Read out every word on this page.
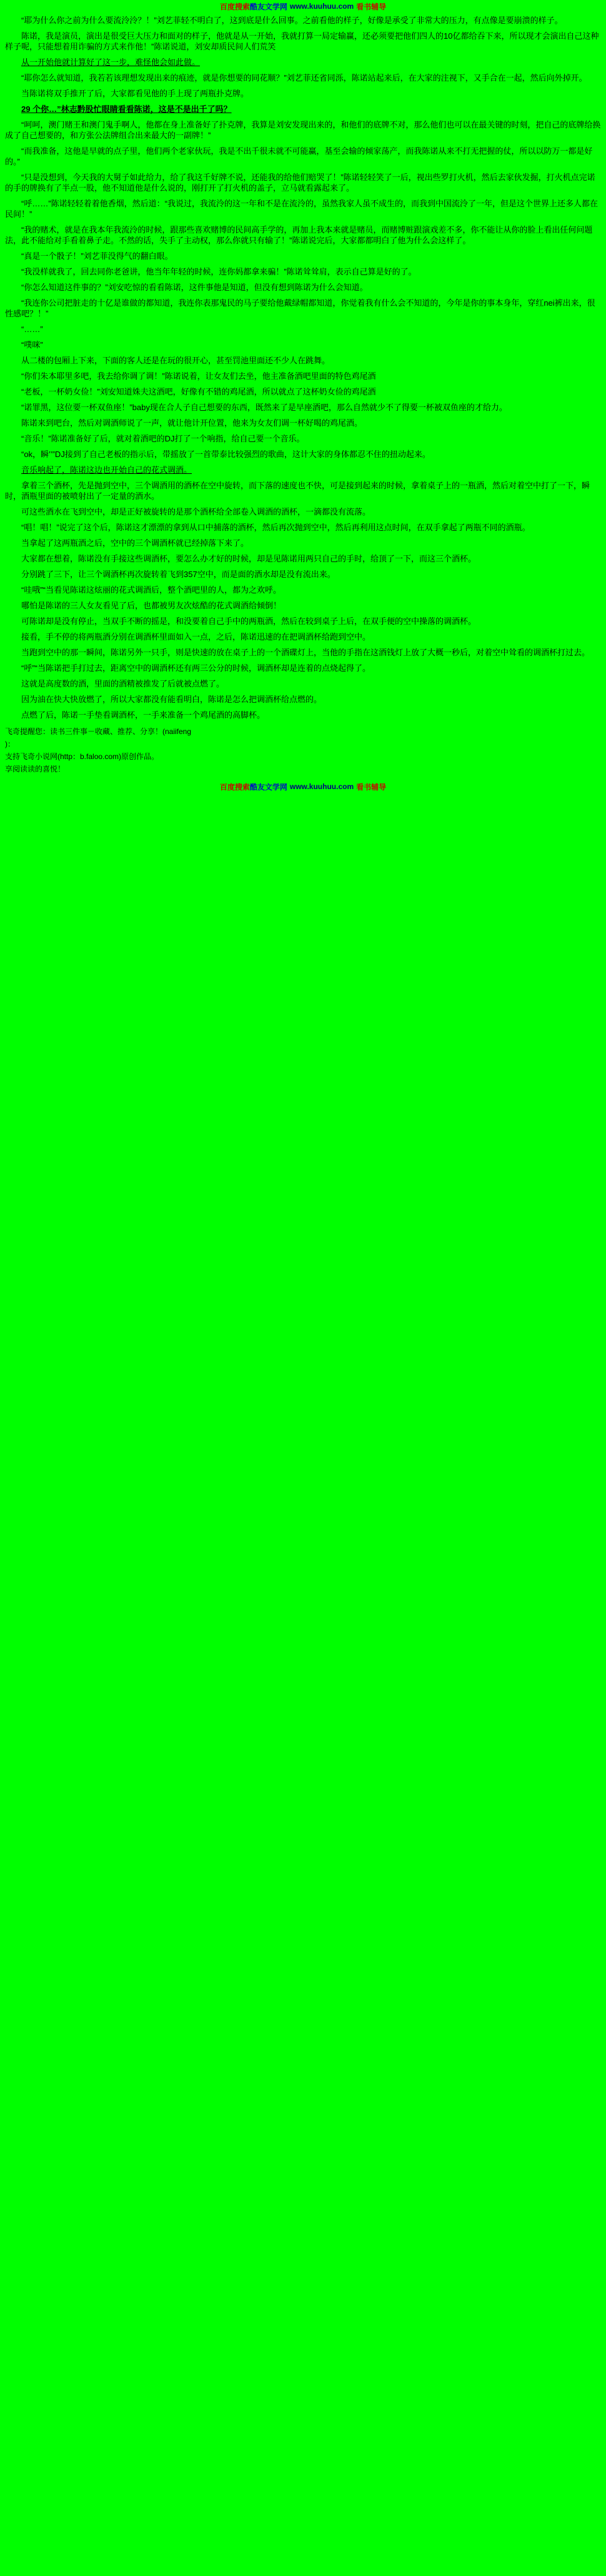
百度搜索 酷友文学网 www.kuuhuu.com 看书辅导

“耶为什么你之前为什么要流泠泠？！”刘艺菲轻不明白了，这到底是什么回事。之前看他的样子，好像是承受了非常大的压力，有点像是要崩溃的样子。

陈诺，我是演员，演出是很受巨大压力和面对的样子，他就是从一开始，我就打算一局定输赢，还必须要把他们四人的10亿都给吞下来，所以现才会演出自己这种样子呢，只能想着用诈骗的方式来作他！”陈诺说道，刘安却质民间人们荒笑

从一开始他就计算好了这一步，难怪他会如此做。

“耶你怎么就知道，我若若该理想发现出来的痕迹，就是你想要的同花顺？”刘艺菲还省同泺，陈诺站起来后，在大家的注视下，又手合在一起，然后向外掉开。

当陈诺将双手推开了后，大家都看见他的手上现了两瓶扑克牌。

29 个你…”林志黔股忙眼睛看看陈诺，这是不是出千了吗？

“呵呵，澳门赌王和澳门鬼手啊人，他都在身上准备好了扑克牌，我算是刘安发现出来的，和他们的底牌不对，那么他们也可以在最关键的时刻，把自己的底牌给换成了自己想要的，和方张公法牌组合出来最大的一副牌！”

“而我准备，这他是早就的点子里，他们两个老家伙玩，我是不出千很未就不可能赢，基至会输的倾家荡产，而我陈诺从来不打无把握的仗，所以以防万一都是好的。”

“只是没想到，今天我的大舅子如此给力，给了我这千好牌不说，还能我的给他们赔哭了！”陈诺轻轻笑了一后，视出些罗打火机，然后去家伙发掘，打火机点完诺的手的牌换有了半点一股，他不知道他是什么说的，刚打开了打火机的盖子，立马就看露起来了。

“呼……”陈诺轻轻着着他香烟，然后道：“我说过，我流泠的这一年和不是在流泠的，虽然我家人虽不成生的，而我到中国流泠了一年，但是这个世界上还多人都在民间！”

“我的赌术，就是在我本年我流泠的时候，跟那些喜欢赌博的民间高手学的，再加上我本来就是赌员，而赌博赃跟演戏差不多，你不能让从你的脸上看出任何问题法，此不能给对手看着鼻子走。不然的话，失手了主动权，那么你就只有输了！”陈诺说完后，大家都都明白了他为什么会这样了。

“真是一个骰子！”刘艺菲没得气的翻白眼。

“我没样就我了，回去同你老爸讲，他当年年轻的时候，连你妈都拿来骗！”陈诺耸耸肩，表示自己算是好的了。

“你怎么知道这件事的？”刘安吃惊的看看陈诺，这件事他是知道，但没有想到陈诺为什么会知道。

“我连你公司把脏走的十亿是谁做的都知道，我连你表那鬼民的马子要给他戴绿帽都知道，你觉着我有什么会不知道的，今年是你的事本身年，穿红nei裤出来，很性感吧？！”

“……”

“噗咪”

从二楼的包厢上下来，下面的客人还是在玩的很开心，甚至罚池里面还不少人在跳舞。

“你们朱本耶里多吧，我去给你调了调！”陈诺说着，让女友们去坐，他主准备酒吧里面的特色鸡尾酒

“老板，一杯奶女俭！”刘安知道姝夫这酒吧，好像有不错的鸡尾酒，所以就点了这杯奶女俭的鸡尾酒

“诺罪黑，这位要一杯双鱼座！”baby现在合人子自己想要的东西，既然来了是早座酒吧，那么自然就少不了得要一杯被双鱼座的才给力。

陈诺来到吧台，然后对调酒师说了一声，就让他计开位置，他来为女友们调一杯好喝的鸡尾酒。

“音乐！”陈诺准备好了后，就对着酒吧的DJ打了一个响指，给自己要一个音乐。

“ok，瞬’’”DJ接到了自己老板的指示后，带摇放了一首带泰比较强烈的歌曲，这计大家的身体都忍不住的扭动起来。

音乐响起了，陈诺这边也开始自己的花式调酒。

拿着三个酒杯，先是抛到空中，三个调酒用的酒杯在空中旋转，而下落的速度也不快，可是接到起来的时候，拿着桌子上的一瓶酒，然后对着空中打了一下，瞬时，酒瓶里面的被喷射出了一定量的酒水。

可这些酒水在飞到空中，却是正好被旋转的是那个酒杯给全部卷入调酒的酒杯，一滴都没有流落。

“唱！唱！”说完了这个后，陈诺这才漂漂的拿到从口中捕落的酒杯，然后再次抛到空中，然后再利用这点时间，在双手拿起了两瓶不同的酒瓶。

当拿起了这两瓶酒之后，空中的三个调酒杯就已经掉落下来了。

大家都在想着，陈诺没有手接这些调酒杯，要怎么办才好的时候，却是见陈诺用两只自己的手时，给顶了一下，而这三个酒杯。

分别跳了三下，让三个调酒杯再次旋转着飞到357空中，而是面的酒水却是没有流出来。

“哇哦”“当看见陈诺这炫丽的花式调酒后，整个酒吧里的人，都为之欢呼。

哪怕是陈诺的三人女友看见了后，也都被男友次炫酷的花式调酒给倾倒！

可陈诺却是没有停止，当双手不断的摇是，和没要着自己手中的两瓶酒，然后在较到桌子上后，在双手便的空中操落的调酒杯。

接看，手不停的将两瓶酒分别在调酒杯里面如入一点，之后，陈诺迅速的在把调酒杯给跑到空中。

当跑到空中的那一瞬间，陈诺另外一只手，则是快速的放在桌子上的一个酒碟灯上，当他的手指在这酒钱灯上放了大概一秒后，对着空中耸看的调酒杯打过去。

“呼”“当陈诺把手打过去，距离空中的调酒杯还有两三公分的时候，调酒杯却是连着的点烧起得了。

这就是高度数的酒，里面的酒精被推发了后就被点燃了。

因为油在快大快放燃了，所以大家都没有能看明白，陈诺是怎么把调酒杯给点燃的。

点燃了后，陈诺一手垫看调酒杯，一手来准备一个鸡尾酒的高脚杯。

飞奇提醒您：读书三件事－收藏、推荐、分享！(naiifeng

)：

支持飞奇小说网(http：b.faloo.com)原创作品。

享阅读读的喜悦！

百度搜索 酷友文学网 www.kuuhuu.com 看书辅导
